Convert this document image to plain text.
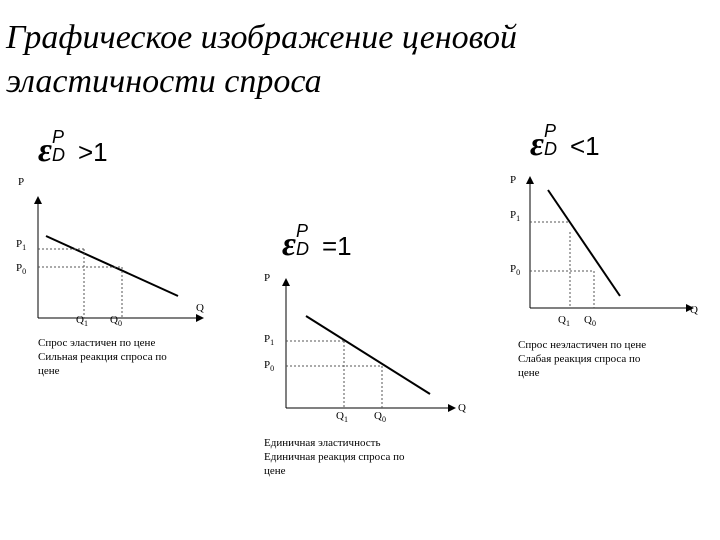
Графическое изображение ценовой
эластичности спроса
ε P
D >1
ε P
D =1
ε P
D <1
P
Q
$P_1$
$P_0$
$Q_1$ $Q_0$
Спрос эластичен по цене
Сильная реакция спроса по
цене
P
Q
$P_1$
$P_0$
$Q_1$ $Q_0$
Единичная эластичность
Единичная реакция спроса по
цене
P
Q
$P_1$
$P_0$
$Q_1$ $Q_0$
Спрос неэластичен по цене
Слабая реакция спроса по
цене
